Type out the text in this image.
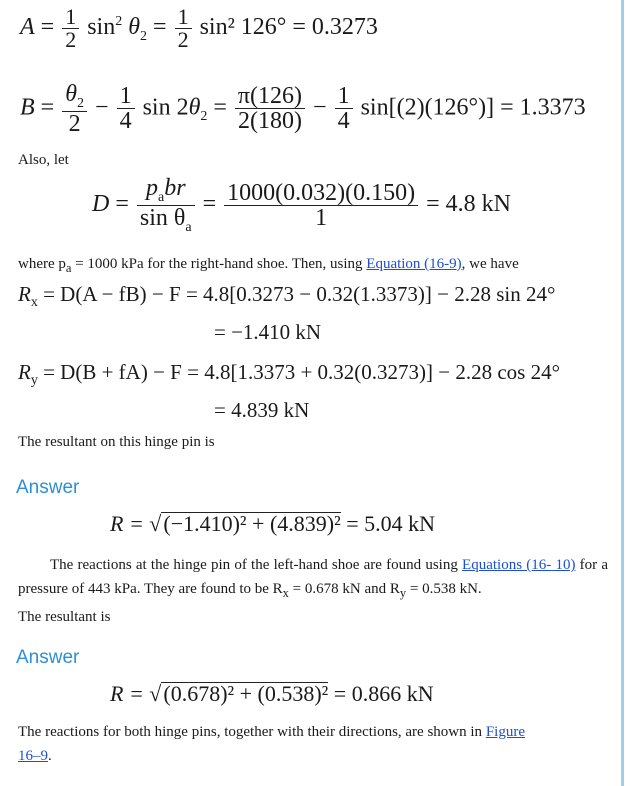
$A = \frac{1}{2} \sin^2 \theta_2 = \frac{1}{2} \sin^2$ 126° = 0.3273
$B = \frac{\theta_2}{2} - \frac{1}{4}$ $\sin 2\theta_2 = \frac{\pi(126)}{2(180)} - \frac{1}{4} \sin[(2)(126^\circ)] = 1.3373$
Also, let
$D = \frac{p_abr}{\sin \theta_a} = \frac{1000(0.032)(0.150)}{1} = 4.8$ kN
where $p_a = 1000$ kPa for the right-hand shoe. Then, using Equation (16-9), we have
$R_x = D(A - fB) - F = 4.8[0.3273 - 0.32(1.3373)] - 2.28$ sin 24°
= −1.410 kN
$R_y = D(B + fA) - F = 4.8[1.3373 + 0.32(0.3273)] - 2.28$ cos 24°
= 4.839 kN
The resultant on this hinge pin is
Answer
R = √(−1.410)² + (4.839)² = 5.04 kN
The reactions at the hinge pin of the left-hand shoe are found using Equations (16- 10) for a pressure of 443 kPa. They are found to be $R_x = 0.678$ kN and $R_y = 0.538$ kN.
The resultant is
Answer
R = √(0.678)² + (0.538)² = 0.866 kN
The reactions for both hinge pins, together with their directions, are shown in Figure
16–9.
